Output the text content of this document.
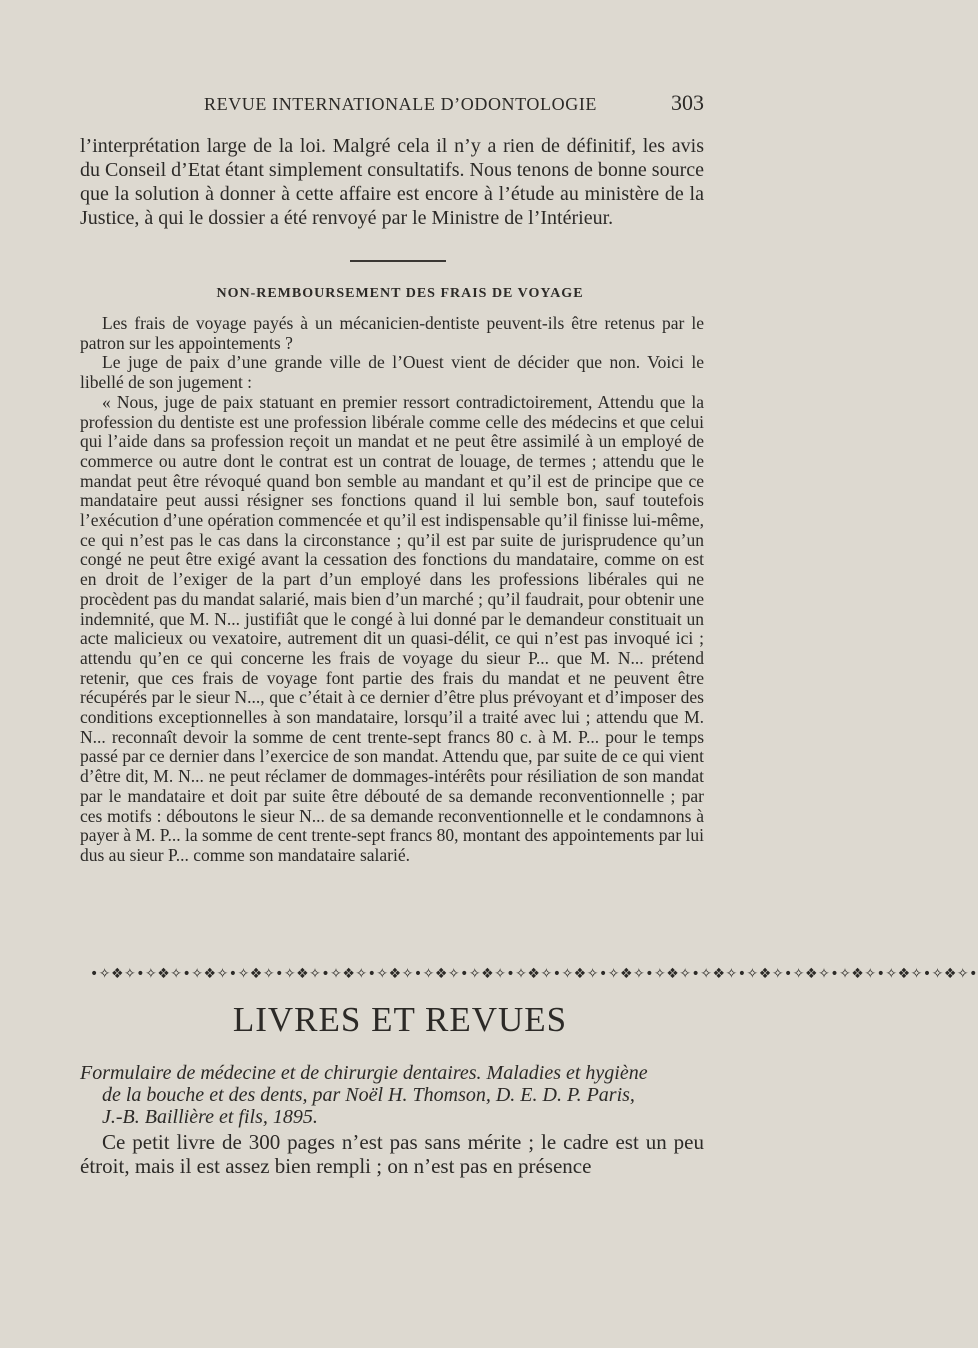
REVUE INTERNATIONALE D’ODONTOLOGIE	303

l’interprétation large de la loi. Malgré cela il n’y a rien de définitif, les avis du Conseil d’Etat étant simplement consultatifs. Nous tenons de bonne source que la solution à donner à cette affaire est encore à l’étude au ministère de la Justice, à qui le dossier a été renvoyé par le Ministre de l’Intérieur.

NON-REMBOURSEMENT DES FRAIS DE VOYAGE

Les frais de voyage payés à un mécanicien-dentiste peuvent-ils être retenus par le patron sur les appointements ?

Le juge de paix d’une grande ville de l’Ouest vient de décider que non. Voici le libellé de son jugement :

« Nous, juge de paix statuant en premier ressort contradictoirement, Attendu que la profession du dentiste est une profession libérale comme celle des médecins et que celui qui l’aide dans sa profession reçoit un mandat et ne peut être assimilé à un employé de commerce ou autre dont le contrat est un contrat de louage, de termes ; attendu que le mandat peut être révoqué quand bon semble au mandant et qu’il est de principe que ce mandataire peut aussi résigner ses fonctions quand il lui semble bon, sauf toutefois l’exécution d’une opération commencée et qu’il est indispensable qu’il finisse lui-même, ce qui n’est pas le cas dans la circonstance ; qu’il est par suite de jurisprudence qu’un congé ne peut être exigé avant la cessation des fonctions du mandataire, comme on est en droit de l’exiger de la part d’un employé dans les professions libérales qui ne procèdent pas du mandat salarié, mais bien d’un marché ; qu’il faudrait, pour obtenir une indemnité, que M. N... justifiât que le congé à lui donné par le demandeur constituait un acte malicieux ou vexatoire, autrement dit un quasi-délit, ce qui n’est pas invoqué ici ; attendu qu’en ce qui concerne les frais de voyage du sieur P... que M. N... prétend retenir, que ces frais de voyage font partie des frais du mandat et ne peuvent être récupérés par le sieur N..., que c’était à ce dernier d’être plus prévoyant et d’imposer des conditions exceptionnelles à son mandataire, lorsqu’il a traité avec lui ; attendu que M. N... reconnaît devoir la somme de cent trente-sept francs 80 c. à M. P... pour le temps passé par ce dernier dans l’exercice de son mandat. Attendu que, par suite de ce qui vient d’être dit, M. N... ne peut réclamer de dommages-intérêts pour résiliation de son mandat par le mandataire et doit par suite être débouté de sa demande reconventionnelle ; par ces motifs : déboutons le sieur N... de sa demande reconventionnelle et le condamnons à payer à M. P... la somme de cent trente-sept francs 80, montant des appointements par lui dus au sieur P... comme son mandataire salarié.

•✧❖✧•✧❖✧•✧❖✧•✧❖✧•✧❖✧•✧❖✧•✧❖✧•✧❖✧•✧❖✧•✧❖✧•✧❖✧•✧❖✧•✧❖✧•✧❖✧•✧❖✧•✧❖✧•✧❖✧•✧❖✧•✧❖✧•
LIVRES ET REVUES
Formulaire de médecine et de chirurgie dentaires. Maladies et hygiène
de la bouche et des dents, par Noël H. Thomson, D. E. D. P. Paris,
J.-B. Baillière et fils, 1895.

Ce petit livre de 300 pages n’est pas sans mérite ; le cadre est un peu étroit, mais il est assez bien rempli ; on n’est pas en présence
